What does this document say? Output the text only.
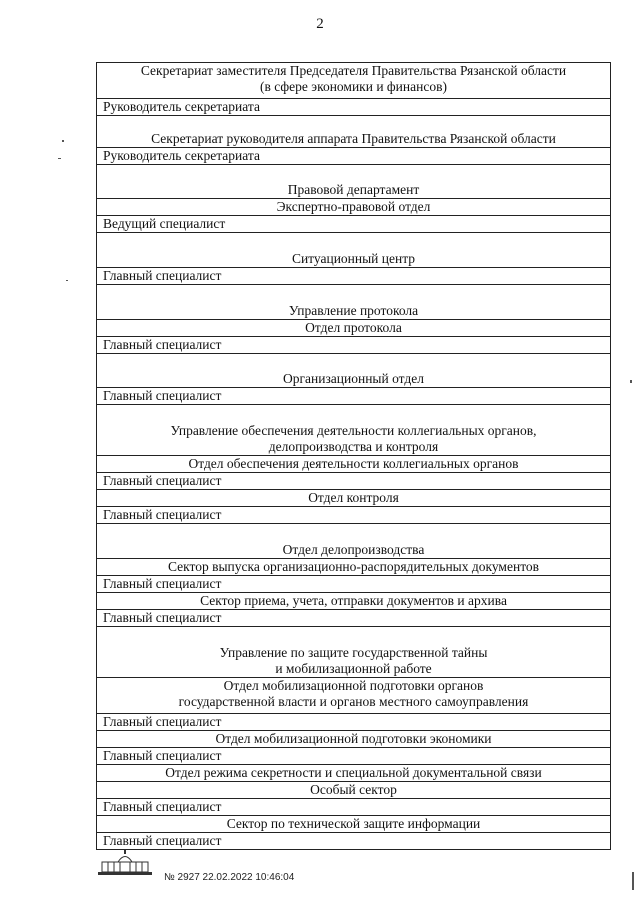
2
Секретариат заместителя Председателя Правительства Рязанской области
(в сфере экономики и финансов)
Руководитель секретариата
Секретариат руководителя аппарата Правительства Рязанской области
Руководитель секретариата
Правовой департамент
Экспертно-правовой отдел
Ведущий специалист
Ситуационный центр
Главный специалист
Управление протокола
Отдел протокола
Главный специалист
Организационный отдел
Главный специалист
Управление обеспечения деятельности коллегиальных органов,
делопроизводства и контроля
Отдел обеспечения деятельности коллегиальных органов
Главный специалист
Отдел контроля
Главный специалист
Отдел делопроизводства
Сектор выпуска организационно-распорядительных документов
Главный специалист
Сектор приема, учета, отправки документов и архива
Главный специалист
Управление по защите государственной тайны
и мобилизационной работе
Отдел мобилизационной подготовки органов
государственной власти и органов местного самоуправления
Главный специалист
Отдел мобилизационной подготовки экономики
Главный специалист
Отдел режима секретности и специальной документальной связи
Особый сектор
Главный специалист
Сектор по технической защите информации
Главный специалист
№ 2927 22.02.2022 10:46:04
